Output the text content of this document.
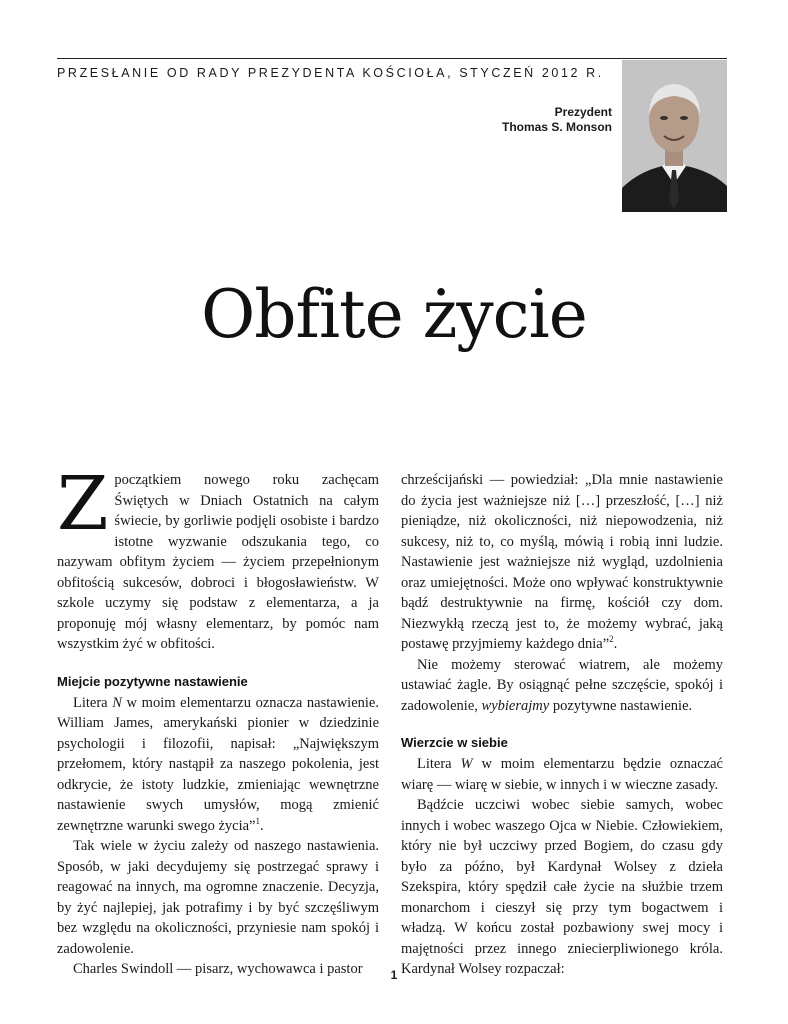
PRZESŁANIE OD RADY PREZYDENTA KOŚCIOŁA, STYCZEŃ 2012 R.
Prezydent
Thomas S. Monson
Obfite życie

Z początkiem nowego roku zachęcam Świętych w Dniach Ostatnich na całym świecie, by gorliwie podjęli osobiste i bardzo istotne wyzwanie odszukania tego, co nazywam obfitym życiem — życiem przepełnionym obfitością sukcesów, dobroci i błogosławieństw. W szkole uczymy się podstaw z elementarza, a ja proponuję mój własny elementarz, by pomóc nam wszystkim żyć w obfitości.

Miejcie pozytywne nastawienie

Litera N w moim elementarzu oznacza nastawienie. William James, amerykański pionier w dziedzinie psychologii i filozofii, napisał: „Największym przełomem, który nastąpił za naszego pokolenia, jest odkrycie, że istoty ludzkie, zmieniając wewnętrzne nastawienie swych umysłów, mogą zmienić zewnętrzne warunki swego życia”$^1$.

Tak wiele w życiu zależy od naszego nastawienia. Sposób, w jaki decydujemy się postrzegać sprawy i reagować na innych, ma ogromne znaczenie. Decyzja, by żyć najlepiej, jak potrafimy i by być szczęśliwym bez względu na okoliczności, przyniesie nam spokój i zadowolenie.

Charles Swindoll — pisarz, wychowawca i pastor

chrześcijański — powiedział: „Dla mnie nastawienie do życia jest ważniejsze niż […] przeszłość, […] niż pieniądze, niż okoliczności, niż niepowodzenia, niż sukcesy, niż to, co myślą, mówią i robią inni ludzie. Nastawienie jest ważniejsze niż wygląd, uzdolnienia oraz umiejętności. Może ono wpływać konstruktywnie bądź destruktywnie na firmę, kościół czy dom. Niezwykłą rzeczą jest to, że możemy wybrać, jaką postawę przyjmiemy każdego dnia”$^2$.

Nie możemy sterować wiatrem, ale możemy ustawiać żagle. By osiągnąć pełne szczęście, spokój i zadowolenie, wybierajmy pozytywne nastawienie.

Wierzcie w siebie

Litera W w moim elementarzu będzie oznaczać wiarę — wiarę w siebie, w innych i w wieczne zasady.

Bądźcie uczciwi wobec siebie samych, wobec innych i wobec waszego Ojca w Niebie. Człowiekiem, który nie był uczciwy przed Bogiem, do czasu gdy było za późno, był Kardynał Wolsey z dzieła Szekspira, który spędził całe życie na służbie trzem monarchom i cieszył się przy tym bogactwem i władzą. W końcu został pozbawiony swej mocy i majętności przez innego zniecierpliwionego króla. Kardynał Wolsey rozpaczał:

1
